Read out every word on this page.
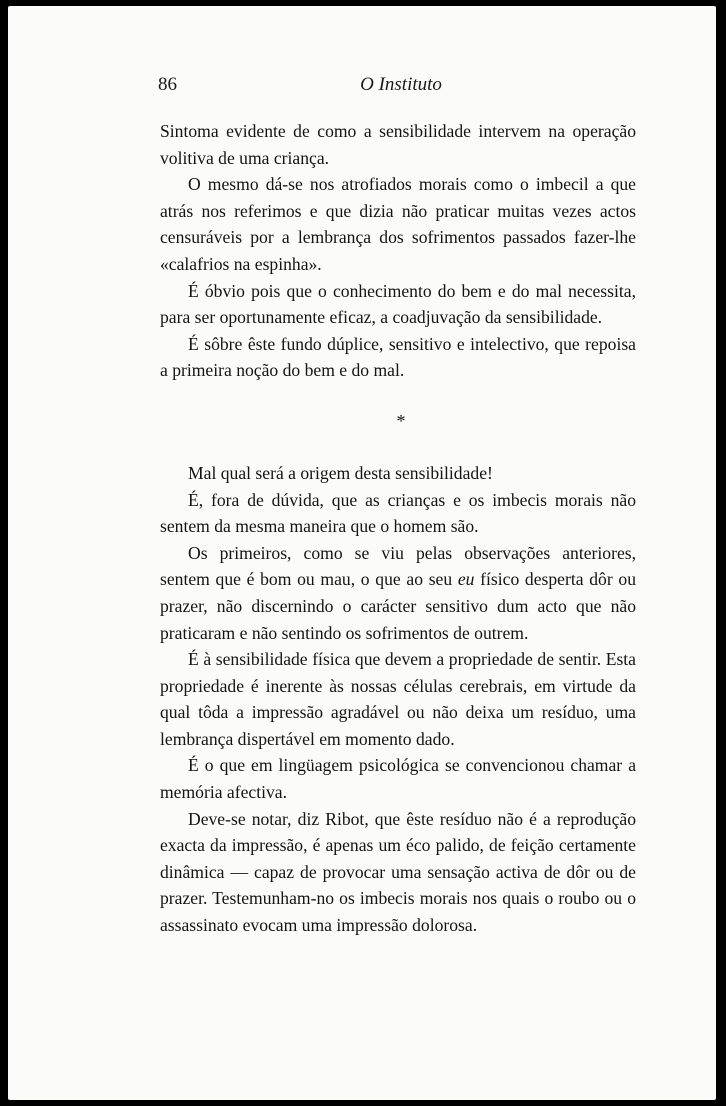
86	O Instituto

Sintoma evidente de como a sensibilidade intervem na operação volitiva de uma criança.

O mesmo dá-se nos atrofiados morais como o imbecil a que atrás nos referimos e que dizia não praticar muitas vezes actos censuráveis por a lembrança dos sofrimentos passados fazer-lhe «calafrios na espinha».

É óbvio pois que o conhecimento do bem e do mal necessita, para ser oportunamente eficaz, a coadjuvação da sensibilidade.

É sôbre êste fundo dúplice, sensitivo e intelectivo, que repoisa a primeira noção do bem e do mal.

*

Mal qual será a origem desta sensibilidade!

É, fora de dúvida, que as crianças e os imbecis morais não sentem da mesma maneira que o homem são.

Os primeiros, como se viu pelas observações anteriores, sentem que é bom ou mau, o que ao seu eu físico desperta dôr ou prazer, não discernindo o carácter sensitivo dum acto que não praticaram e não sentindo os sofrimentos de outrem.

É à sensibilidade física que devem a propriedade de sentir. Esta propriedade é inerente às nossas células cerebrais, em virtude da qual tôda a impressão agradável ou não deixa um resíduo, uma lembrança dispertável em momento dado.

É o que em lingüagem psicológica se convencionou chamar a memória afectiva.

Deve-se notar, diz Ribot, que êste resíduo não é a reprodução exacta da impressão, é apenas um éco palido, de feição certamente dinâmica — capaz de provocar uma sensação activa de dôr ou de prazer. Testemunham-no os imbecis morais nos quais o roubo ou o assassinato evocam uma impressão dolorosa.
